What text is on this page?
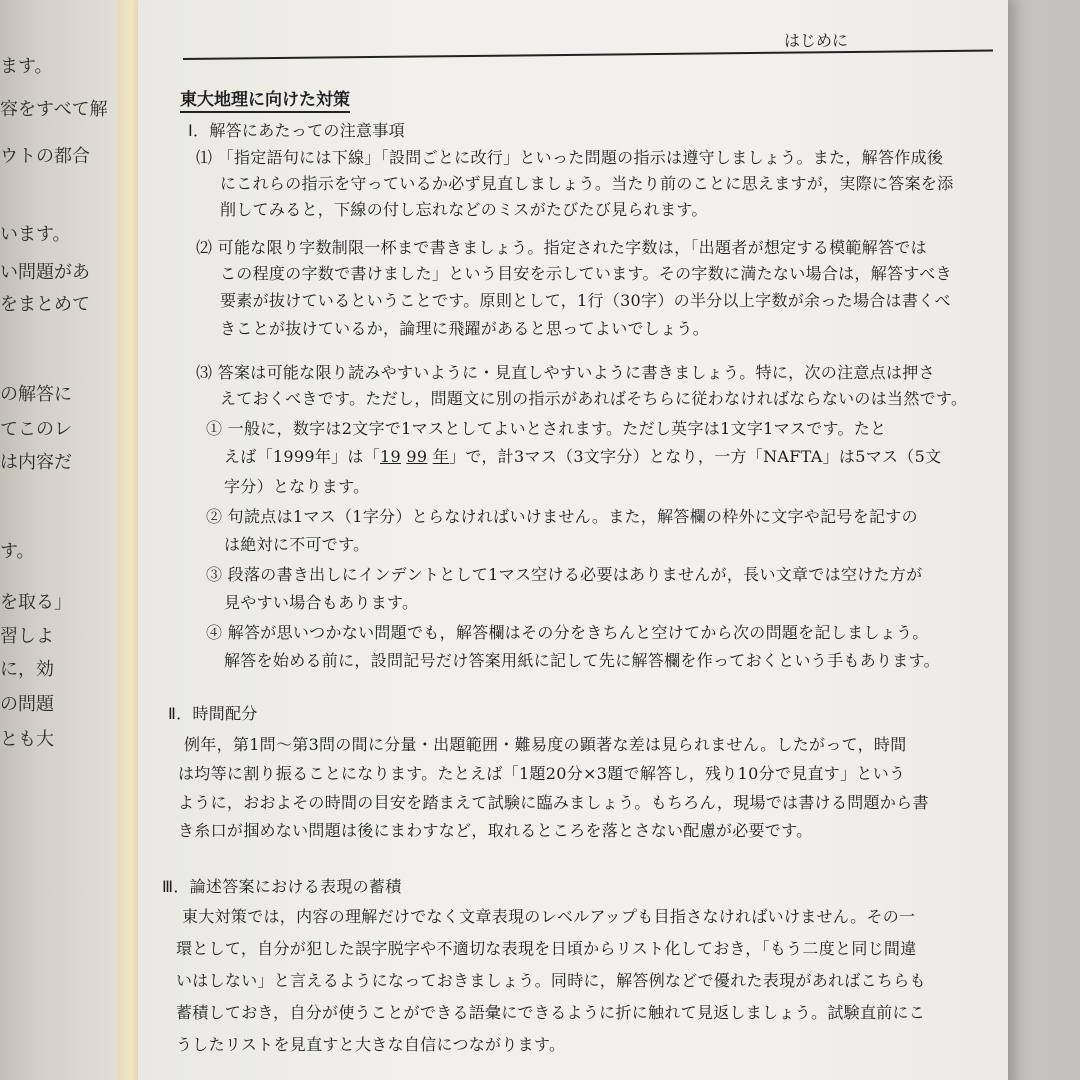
ます。
容をすべて解
ウトの都合
います。
い問題があ
をまとめて
の解答に
てこのレ
は内容だ
す。
を取る」
習しよ
に，効
の問題
とも大
はじめに
東大地理に向けた対策
Ⅰ．解答にあたっての注意事項
⑴ 「指定語句には下線」「設問ごとに改行」といった問題の指示は遵守しましょう。また，解答作成後
にこれらの指示を守っているか必ず見直しましょう。当たり前のことに思えますが，実際に答案を添
削してみると，下線の付し忘れなどのミスがたびたび見られます。
⑵ 可能な限り字数制限一杯まで書きましょう。指定された字数は，「出題者が想定する模範解答では
この程度の字数で書けました」という目安を示しています。その字数に満たない場合は，解答すべき
要素が抜けているということです。原則として，1行（30字）の半分以上字数が余った場合は書くべ
きことが抜けているか，論理に飛躍があると思ってよいでしょう。
⑶ 答案は可能な限り読みやすいように・見直しやすいように書きましょう。特に，次の注意点は押さ
えておくべきです。ただし，問題文に別の指示があればそちらに従わなければならないのは当然です。
① 一般に，数字は2文字で1マスとしてよいとされます。ただし英字は1文字1マスです。たと
えば「1999年」は「19 99 年」で，計3マス（3文字分）となり，一方「NAFTA」は5マス（5文
字分）となります。
② 句読点は1マス（1字分）とらなければいけません。また，解答欄の枠外に文字や記号を記すの
は絶対に不可です。
③ 段落の書き出しにインデントとして1マス空ける必要はありませんが，長い文章では空けた方が
見やすい場合もあります。
④ 解答が思いつかない問題でも，解答欄はその分をきちんと空けてから次の問題を記しましょう。
解答を始める前に，設問記号だけ答案用紙に記して先に解答欄を作っておくという手もあります。
Ⅱ．時間配分
例年，第1問～第3問の間に分量・出題範囲・難易度の顕著な差は見られません。したがって，時間
は均等に割り振ることになります。たとえば「1題20分×3題で解答し，残り10分で見直す」という
ように，おおよその時間の目安を踏まえて試験に臨みましょう。もちろん，現場では書ける問題から書
き糸口が掴めない問題は後にまわすなど，取れるところを落とさない配慮が必要です。
Ⅲ．論述答案における表現の蓄積
東大対策では，内容の理解だけでなく文章表現のレベルアップも目指さなければいけません。その一
環として，自分が犯した誤字脱字や不適切な表現を日頃からリスト化しておき，「もう二度と同じ間違
いはしない」と言えるようになっておきましょう。同時に，解答例などで優れた表現があればこちらも
蓄積しておき，自分が使うことができる語彙にできるように折に触れて見返しましょう。試験直前にこ
うしたリストを見直すと大きな自信につながります。
